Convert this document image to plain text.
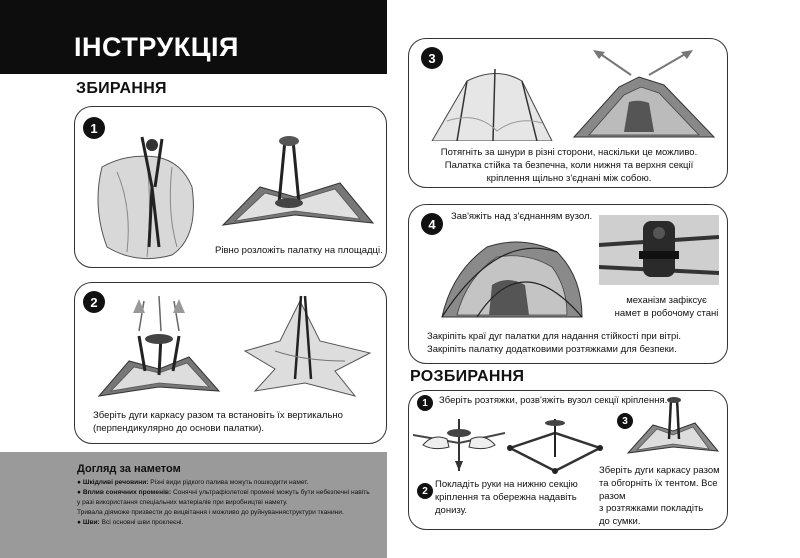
ІНСТРУКЦІЯ
ЗБИРАННЯ
1
Рівно розложіть палатку на площадці.
2
Зберіть дуги каркасу разом та встановіть їх вертикально
(перпендикулярно до основи палатки).
Догляд за наметом
● Шкідливі речовини: Різні види рідкого палива можуть пошкодити намет.
● Вплив сонячних променів: Сонячні ультрафіолетові промені можуть бути небезпечні навіть
у разі використання спеціальних матеріалів при виробництві намету.
Тривала діяможе призвести до вицвітання і можливо до руйнуванняструктури тканини.
● Шви: Всі основні шви проклеєні.
3
Потягніть за шнури в різні сторони, наскільки це можливо.
Палатка стійка та безпечна, коли нижня та верхня секції
кріплення щільно з'єднані між собою.
4	Зав'яжіть над з'єднанням вузол.
механізм зафіксує
намет в робочому стані
Закріпіть краї дуг палатки для надання стійкості при вітрі.
Закріпіть палатку додатковими розтяжками для безпеки.
РОЗБИРАННЯ
1	Зберіть розтяжки, розв'яжіть вузол секції кріплення.
3
2
Покладіть руки на нижню секцію
кріплення та обережна надавіть
донизу.
Зберіть дуги каркасу разом
та обгорніть їх тентом. Все разом
з розтяжками покладіть
до сумки.
